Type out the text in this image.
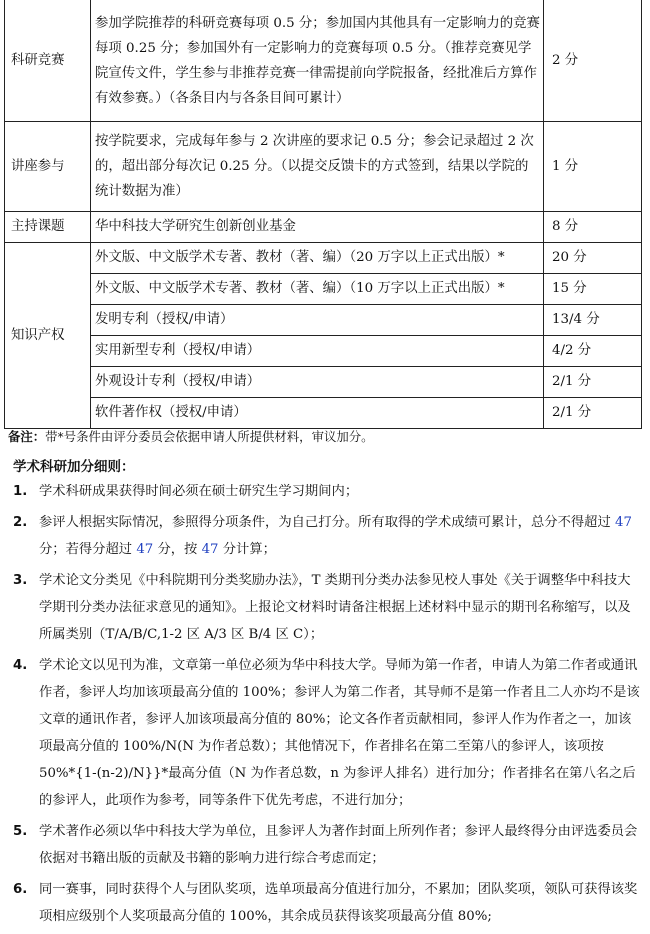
科研竞赛	参加学院推荐的科研竞赛每项 0.5 分；参加国内其他具有一定影响力的竞赛每项 0.25 分；参加国外有一定影响力的竞赛每项 0.5 分。（推荐竞赛见学院宣传文件，学生参与非推荐竞赛一律需提前向学院报备，经批准后方算作有效参赛。）（各条目内与各条目间可累计）	2 分
讲座参与	按学院要求，完成每年参与 2 次讲座的要求记 0.5 分；参会记录超过 2 次的，超出部分每次记 0.25 分。（以提交反馈卡的方式签到，结果以学院的统计数据为准）	1 分
主持课题	华中科技大学研究生创新创业基金	8 分
知识产权	外文版、中文版学术专著、教材（著、编）（20 万字以上正式出版）*	20 分
	外文版、中文版学术专著、教材（著、编）（10 万字以上正式出版）*	15 分
	发明专利（授权/申请）	13/4 分
	实用新型专利（授权/申请）	4/2 分
	外观设计专利（授权/申请）	2/1 分
	软件著作权（授权/申请）	2/1 分
备注：带*号条件由评分委员会依据申请人所提供材料，审议加分。
学术科研加分细则：
1. 学术科研成果获得时间必须在硕士研究生学习期间内；
2. 参评人根据实际情况，参照得分项条件，为自己打分。所有取得的学术成绩可累计，总分不得超过 47 分；若得分超过 47 分，按 47 分计算；
3. 学术论文分类见《中科院期刊分类奖励办法》，T 类期刊分类办法参见校人事处《关于调整华中科技大学期刊分类办法征求意见的通知》。上报论文材料时请备注根据上述材料中显示的期刊名称缩写，以及所属类别（T/A/B/C,1-2 区 A/3 区 B/4 区 C）；
4. 学术论文以见刊为准，文章第一单位必须为华中科技大学。导师为第一作者，申请人为第二作者或通讯作者，参评人均加该项最高分值的 100%；参评人为第二作者，其导师不是第一作者且二人亦均不是该文章的通讯作者，参评人加该项最高分值的 80%；论文各作者贡献相同，参评人作为作者之一，加该项最高分值的 100%/N(N 为作者总数）；其他情况下，作者排名在第二至第八的参评人，该项按 50%*{1-(n-2)/N}}*最高分值（N 为作者总数，n 为参评人排名）进行加分；作者排名在第八名之后的参评人，此项作为参考，同等条件下优先考虑，不进行加分；
5. 学术著作必须以华中科技大学为单位，且参评人为著作封面上所列作者；参评人最终得分由评选委员会依据对书籍出版的贡献及书籍的影响力进行综合考虑而定；
6. 同一赛事，同时获得个人与团队奖项，选单项最高分值进行加分，不累加；团队奖项，领队可获得该奖项相应级别个人奖项最高分值的 100%，其余成员获得该奖项最高分值 80%;
